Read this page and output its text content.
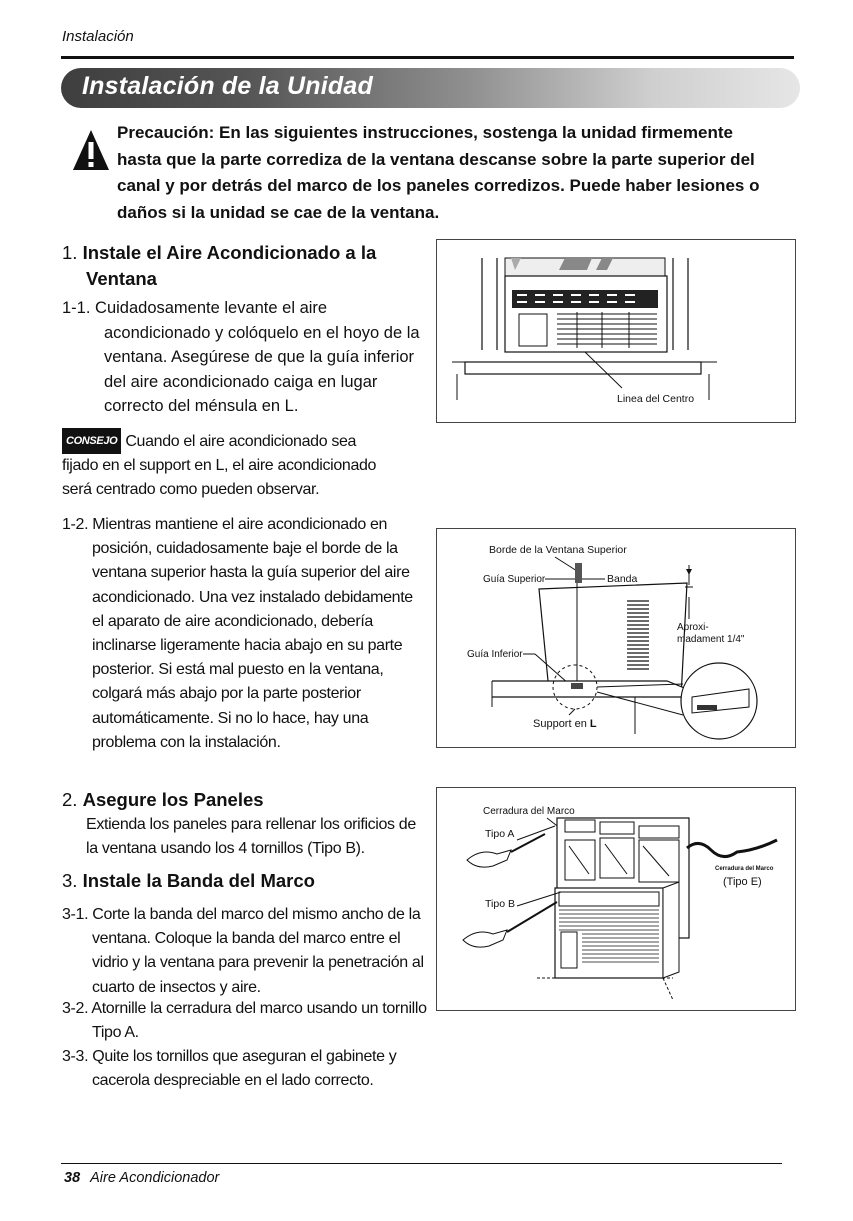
Instalación
Instalación de la Unidad
Precaución: En las siguientes instrucciones, sostenga la unidad firmemente hasta que la parte corrediza de la ventana descanse sobre la parte superior del canal y por detrás del marco de los paneles corredizos. Puede haber lesiones o daños si la unidad se cae de la ventana.
1. Instale el Aire Acondicionado a la Ventana
1-1. Cuidadosamente levante el aire acondicionado y colóquelo en el hoyo de la ventana. Asegúrese de que la guía inferior del aire acondicionado caiga en lugar correcto del ménsula en L.
CONSEJO Cuando el aire acondicionado sea fijado en el support en L, el aire acondicionado será centrado como pueden observar.
1-2. Mientras mantiene el aire acondicionado en posición, cuidadosamente baje el borde de la ventana superior hasta la guía superior del aire acondicionado. Una vez instalado debidamente el aparato de aire acondicionado, debería inclinarse ligeramente hacia abajo en su parte posterior. Si está mal puesto en la ventana, colgará más abajo por la parte posterior automáticamente. Si no lo hace, hay una problema con la instalación.
2. Asegure los Paneles
Extienda los paneles para rellenar los orificios de la ventana usando los 4 tornillos (Tipo B).
3. Instale la Banda del Marco
3-1. Corte la banda del marco del mismo ancho de la ventana. Coloque la banda del marco entre el vidrio y la ventana para prevenir la penetración al cuarto de insectos y aire.
3-2. Atornille la cerradura del marco usando un tornillo Tipo A.
3-3. Quite los tornillos que aseguran el gabinete y cacerola despreciable en el lado correcto.
Linea del Centro
Borde de la Ventana Superior
Guía Superior	Banda
Aproxi-
madament 1/4"
Guía Inferior
Support en L
Cerradura del Marco
Tipo A
Cerradura del Marco
(Tipo E)
Tipo B
38 Aire Acondicionador
